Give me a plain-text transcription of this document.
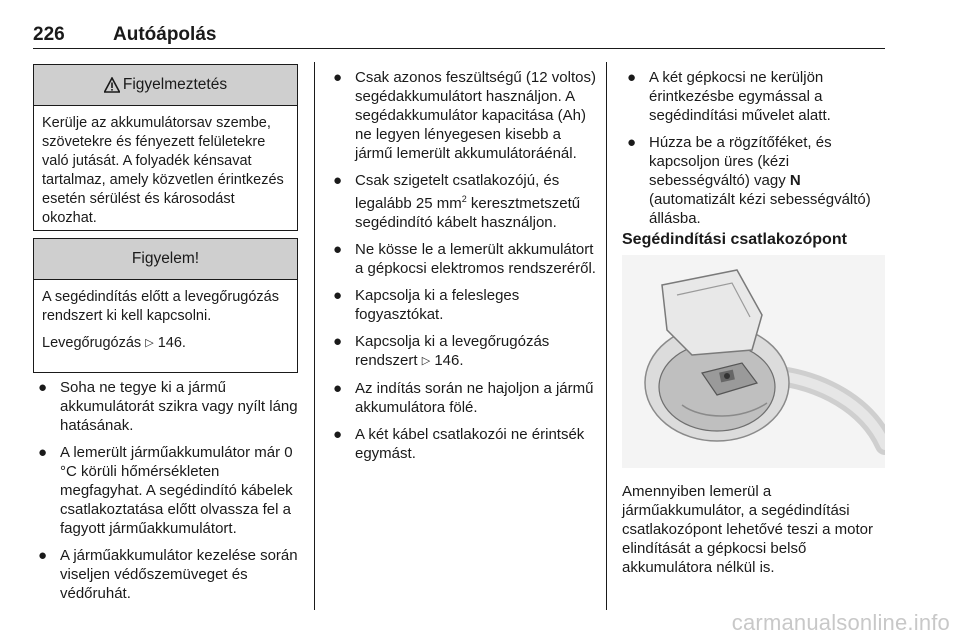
226	Autóápolás
Figyelmeztetés

Kerülje az akkumulátorsav szembe, szövetekre és fényezett felületekre való jutását. A folyadék kénsavat tartalmaz, amely közvetlen érintkezés esetén sérülést és károsodást okozhat.

Figyelem!

A segédindítás előtt a levegőrugózás rendszert ki kell kapcsolni.

Levegőrugózás ▷ 146.

● Soha ne tegye ki a jármű akkumulátorát szikra vagy nyílt láng hatásának.
● A lemerült járműakkumulátor már 0 °C körüli hőmérsékleten megfagyhat. A segédindító kábelek csatlakoztatása előtt olvassza fel a fagyott járműakkumulátort.
● A járműakkumulátor kezelése során viseljen védőszemüveget és védőruhát.
● Csak azonos feszültségű (12 voltos) segédakkumulátort használjon. A segédakkumulátor kapacitása (Ah) ne legyen lényegesen kisebb a jármű lemerült akkumulátoráénál.
● Csak szigetelt csatlakozójú, és legalább 25 $mm^2$ keresztmetszetű segédindító kábelt használjon.
● Ne kösse le a lemerült akkumulátort a gépkocsi elektromos rendszeréről.
● Kapcsolja ki a felesleges fogyasztókat.
● Kapcsolja ki a levegőrugózás rendszert ▷ 146.
● Az indítás során ne hajoljon a jármű akkumulátora fölé.
● A két kábel csatlakozói ne érintsék egymást.
● A két gépkocsi ne kerüljön érintkezésbe egymással a segédindítási művelet alatt.
● Húzza be a rögzítőféket, és kapcsoljon üres (kézi sebességváltó) vagy N (automatizált kézi sebességváltó) állásba.
Segédindítási csatlakozópont

Amennyiben lemerül a járműakkumulátor, a segédindítási csatlakozópont lehetővé teszi a motor elindítását a gépkocsi belső akkumulátora nélkül is.

carmanualsonline.info
